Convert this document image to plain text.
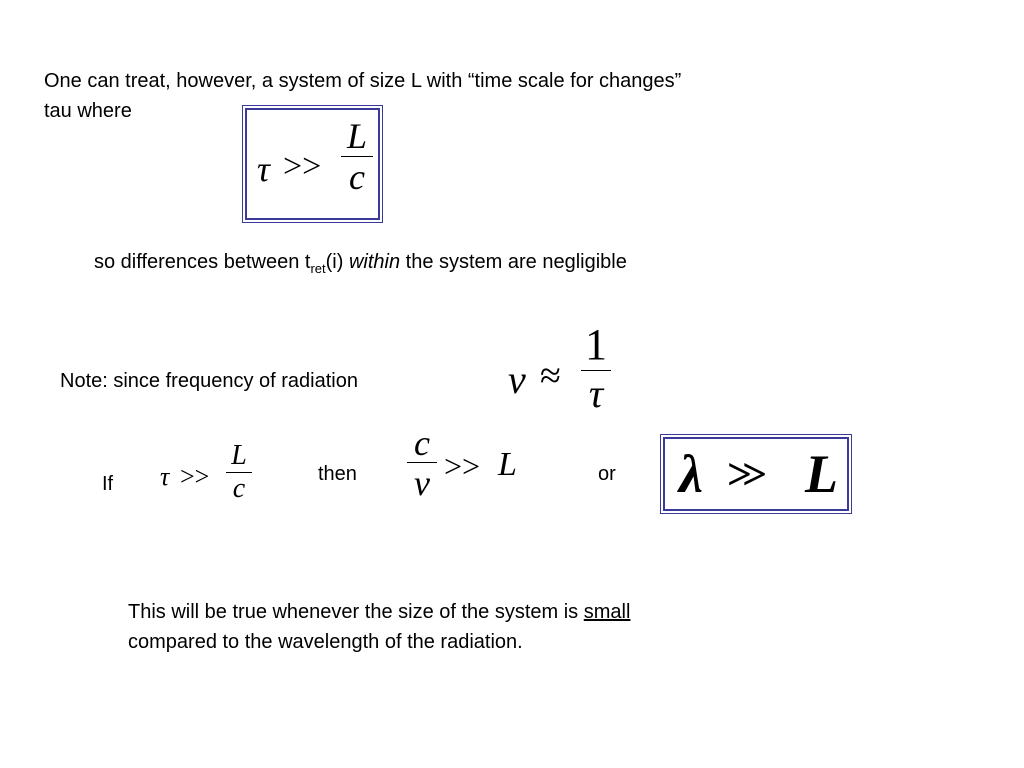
One can treat, however, a system of size L with “time scale for changes”
tau where
τ >>
L
c
so differences between $t_{ret}(i)$ within the system are negligible
Note: since frequency of radiation	ν ≈
1
τ
If τ >>
L
c	then
c
ν >> L	or λ >> L
This will be true whenever the size of the system is small
compared to the wavelength of the radiation.
